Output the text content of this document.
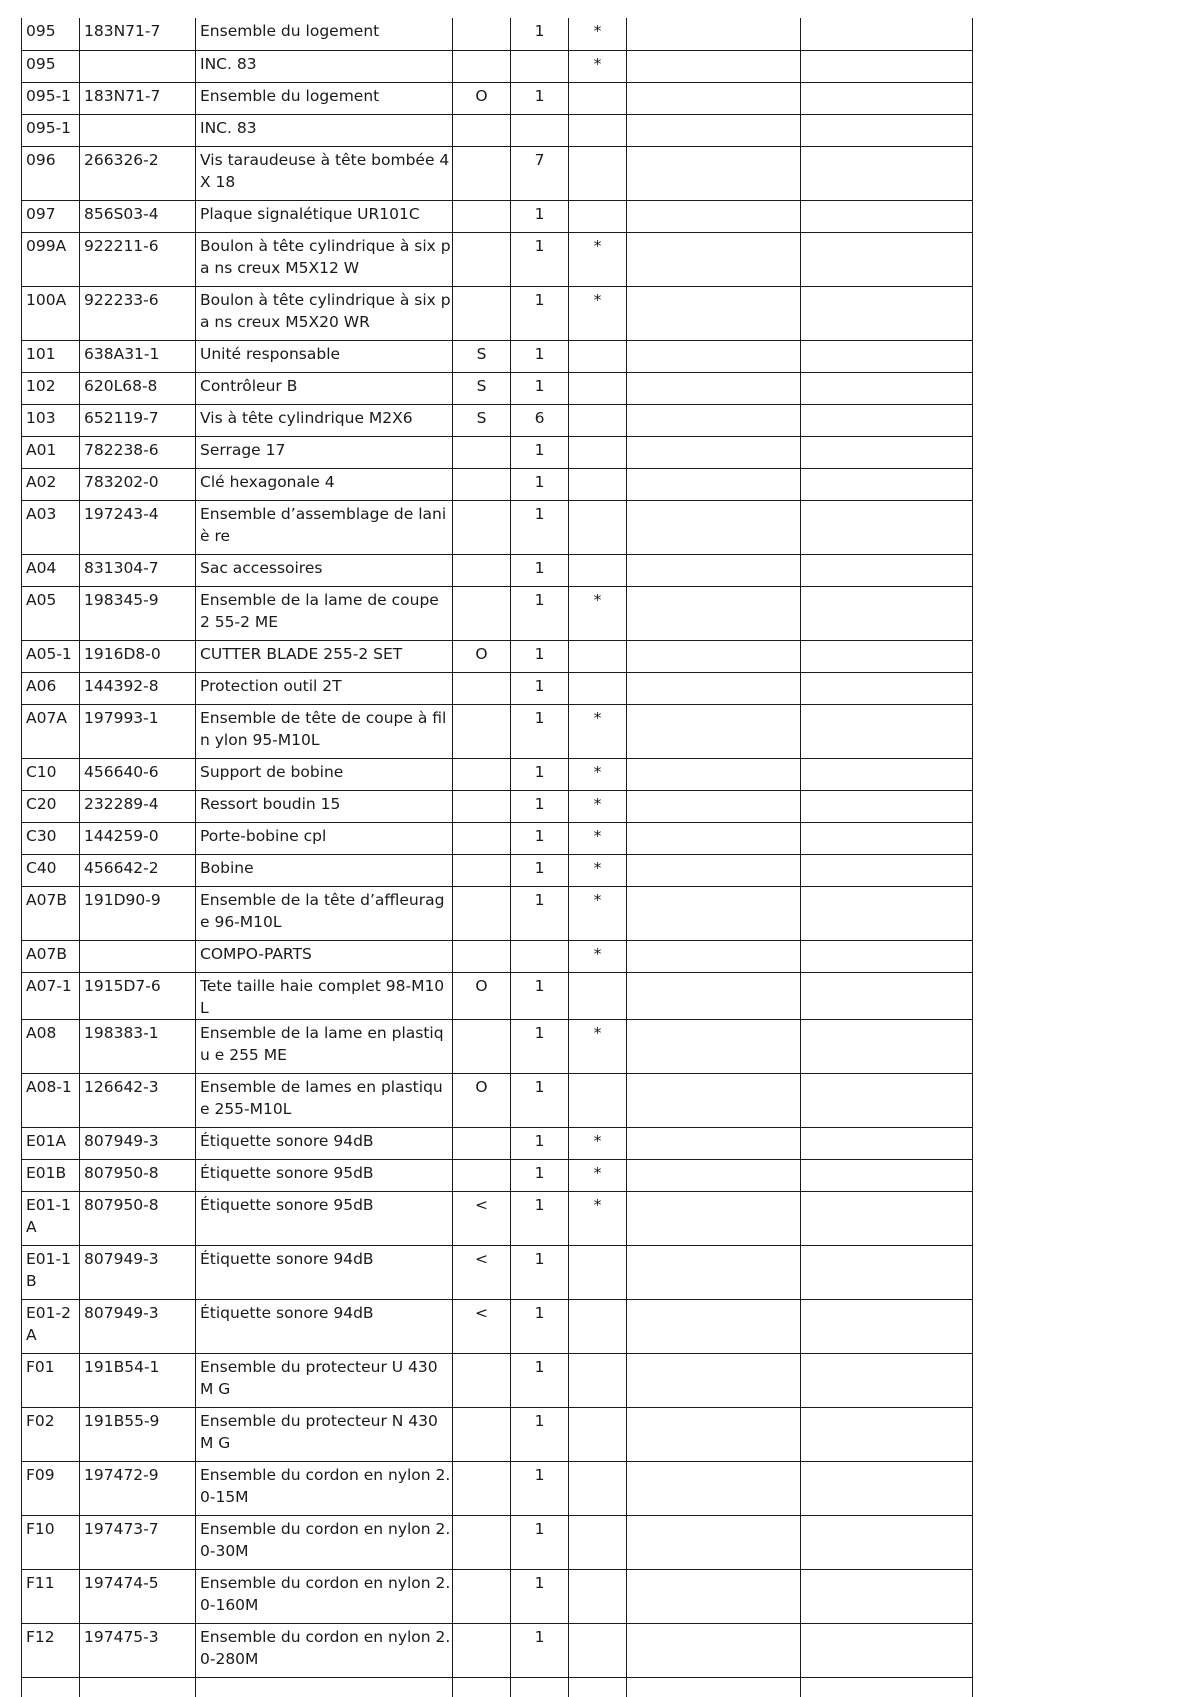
095	183N71-7	Ensemble du logement		1	*		
095		INC. 83			*		
095-1	183N71-7	Ensemble du logement	O	1			
095-1		INC. 83					
096	266326-2	Vis taraudeuse à tête bombée 4X 18		7			
097	856S03-4	Plaque signalétique UR101C		1			
099A	922211-6	Boulon à tête cylindrique à six pa ns creux M5X12 W		1	*		
100A	922233-6	Boulon à tête cylindrique à six pa ns creux M5X20 WR		1	*		
101	638A31-1	Unité responsable	S	1			
102	620L68-8	Contrôleur B	S	1			
103	652119-7	Vis à tête cylindrique M2X6	S	6			
A01	782238-6	Serrage 17		1			
A02	783202-0	Clé hexagonale 4		1			
A03	197243-4	Ensemble d’assemblage de laniè re		1			
A04	831304-7	Sac accessoires		1			
A05	198345-9	Ensemble de la lame de coupe 2 55-2 ME		1	*		
A05-1	1916D8-0	CUTTER BLADE 255-2 SET	O	1			
A06	144392-8	Protection outil 2T		1			
A07A	197993-1	Ensemble de tête de coupe à fil n ylon 95-M10L		1	*		
C10	456640-6	Support de bobine		1	*		
C20	232289-4	Ressort boudin 15		1	*		
C30	144259-0	Porte-bobine cpl		1	*		
C40	456642-2	Bobine		1	*		
A07B	191D90-9	Ensemble de la tête d’affleurage 96-M10L		1	*		
A07B		COMPO-PARTS			*		
A07-1	1915D7-6	Tete taille haie complet 98-M10L	O	1			
A08	198383-1	Ensemble de la lame en plastiqu e 255 ME		1	*		
A08-1	126642-3	Ensemble de lames en plastique 255-M10L	O	1			
E01A	807949-3	Étiquette sonore 94dB		1	*		
E01B	807950-8	Étiquette sonore 95dB		1	*		
E01-1 A	807950-8	Étiquette sonore 95dB	<	1	*		
E01-1 B	807949-3	Étiquette sonore 94dB	<	1			
E01-2 A	807949-3	Étiquette sonore 94dB	<	1			
F01	191B54-1	Ensemble du protecteur U 430 M G		1			
F02	191B55-9	Ensemble du protecteur N 430 M G		1			
F09	197472-9	Ensemble du cordon en nylon 2. 0-15M		1			
F10	197473-7	Ensemble du cordon en nylon 2. 0-30M		1			
F11	197474-5	Ensemble du cordon en nylon 2. 0-160M		1			
F12	197475-3	Ensemble du cordon en nylon 2. 0-280M		1			
